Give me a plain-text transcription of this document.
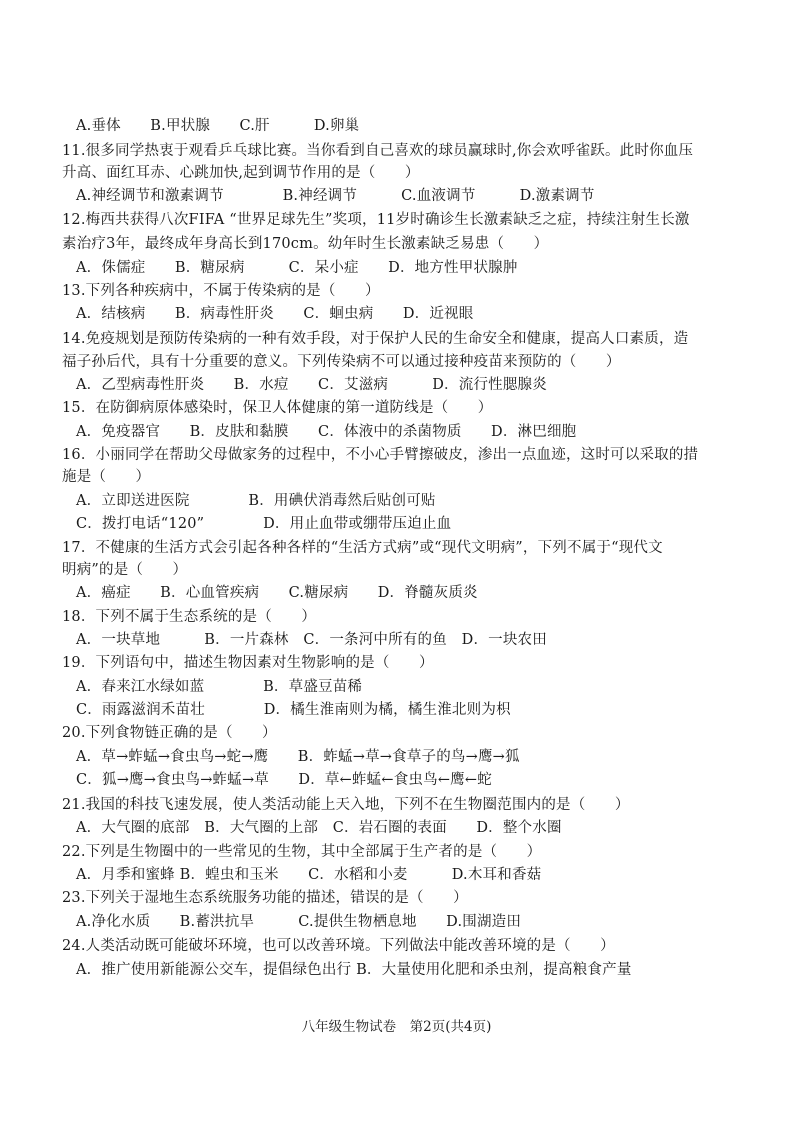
A.垂体　　B.甲状腺　　C.肝　　　D.卵巢
11.很多同学热衷于观看乒乓球比赛。当你看到自己喜欢的球员赢球时,你会欢呼雀跃。此时你血压
升高、面红耳赤、心跳加快,起到调节作用的是（　　）
A.神经调节和激素调节　　　　B.神经调节　　　C.血液调节　　　D.激素调节
12.梅西共获得八次FIFA “世界足球先生”奖项，11岁时确诊生长激素缺乏之症，持续注射生长激
素治疗3年，最终成年身高长到170cm。幼年时生长激素缺乏易患（　　）
A．侏儒症　　B．糖尿病　　　C．呆小症　　D．地方性甲状腺肿
13.下列各种疾病中，不属于传染病的是（　　）
A．结核病　　B．病毒性肝炎　　C．蛔虫病　　D．近视眼
14.免疫规划是预防传染病的一种有效手段，对于保护人民的生命安全和健康，提高人口素质，造
福子孙后代，具有十分重要的意义。下列传染病不可以通过接种疫苗来预防的（　　）
A．乙型病毒性肝炎　　B．水痘　　C．艾滋病　　　D．流行性腮腺炎
15．在防御病原体感染时，保卫人体健康的第一道防线是（　　）
A．免疫器官　　B．皮肤和黏膜　　C．体液中的杀菌物质　　D．淋巴细胞
16．小丽同学在帮助父母做家务的过程中，不小心手臂擦破皮，渗出一点血迹，这时可以采取的措
施是（　　）
A．立即送进医院　　　　B．用碘伏消毒然后贴创可贴
C．拨打电话“120”　　　　D．用止血带或绷带压迫止血
17．不健康的生活方式会引起各种各样的“生活方式病”或“现代文明病”，下列不属于“现代文
明病”的是（　　）
A．癌症　　B．心血管疾病　　C.糖尿病　　D．脊髓灰质炎
18．下列不属于生态系统的是（　　）
A．一块草地　　　B．一片森林　C．一条河中所有的鱼　D．一块农田
19．下列语句中，描述生物因素对生物影响的是（　　）
A．春来江水绿如蓝　　　　B．草盛豆苗稀
C．雨露滋润禾苗壮　　　　D．橘生淮南则为橘，橘生淮北则为枳
20.下列食物链正确的是（　　）
A．草→蚱蜢→食虫鸟→蛇→鹰　　B．蚱蜢→草→食草子的鸟→鹰→狐
C．狐→鹰→食虫鸟→蚱蜢→草　　D．草←蚱蜢←食虫鸟←鹰←蛇
21.我国的科技飞速发展，使人类活动能上天入地，下列不在生物圈范围内的是（　　）
A．大气圈的底部　B．大气圈的上部　C．岩石圈的表面　　D．整个水圈
22.下列是生物圈中的一些常见的生物，其中全部属于生产者的是（　　）
A．月季和蜜蜂 B．蝗虫和玉米　　C．水稻和小麦　　　D.木耳和香菇
23.下列关于湿地生态系统服务功能的描述，错误的是（　　）
A.净化水质　　B.蓄洪抗旱　　　C.提供生物栖息地　　D.围湖造田
24.人类活动既可能破坏环境，也可以改善环境。下列做法中能改善环境的是（　　）
A．推广使用新能源公交车，提倡绿色出行 B．大量使用化肥和杀虫剂，提高粮食产量
八年级生物试卷　第2页(共4页)
